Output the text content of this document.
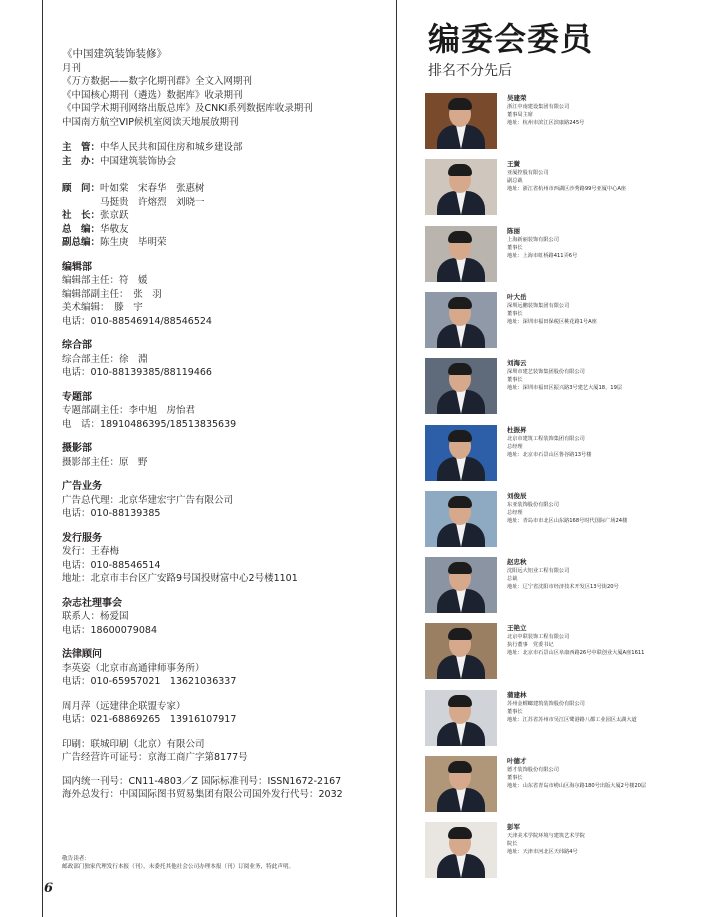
《中国建筑装饰装修》

月刊

《万方数据——数字化期刊群》全文入网期刊

《中国核心期刊（遴选）数据库》收录期刊

《中国学术期刊网络出版总库》及CNKI系列数据库收录期刊

中国南方航空VIP候机室阅读天地展放期刊

主　管： 中华人民共和国住房和城乡建设部
主　办： 中国建筑装饰协会
顾　问： 叶如棠　宋春华　张惠树
马挺贵　许熔烈　刘晓一
社　长： 张京跃
总　编： 华敬友
副总编： 陈生庚　毕明荣
编辑部

编辑部主任：符　媛

编辑部副主任：　张　羽

美术编辑：　滕　宇

电话：010-88546914/88546524

综合部

综合部主任：徐　淵

电话：010-88139385/88119466

专题部

专题部副主任：李中旭　房怡君

电　话：18910486395/18513835639

摄影部

摄影部主任：原　野

广告业务

广告总代理：北京华建宏宇广告有限公司

电话：010-88139385

发行服务

发行：王春梅

电话：010-88546514

地址：北京市丰台区广安路9号国投财富中心2号楼1101

杂志社理事会

联系人：杨爱国

电话：18600079084

法律顾问

李英姿（北京市高通律师事务所）

电话：010-65957021　13621036337

周月萍（远建律企联盟专家）

电话：021-68869265　13916107917

印刷：联城印刷（北京）有限公司

广告经营许可证号：京海工商广字第8177号

国内统一刊号：CN11-4803／Z 国际标准刊号：ISSN1672-2167

海外总发行：中国国际图书贸易集团有限公司国外发行代号：2032

敬告读者：

邮政部门独家代理发行本报（刊），未委托其他社会公司办理本报（刊）订阅业务，特此声明。

6
编委会委员
排名不分先后

吴建荣

浙江中南建设集团有限公司

董事局主席

地址：杭州市滨江区滨康路245号

王黉

亚厦控股有限公司

副总裁

地址：浙江省杭州市西湖区沙秀路99号亚厦中心A座

陈丽

上海新丽装饰有限公司

董事长

地址：上海市虹桥路411弄6号

叶大岳

深圳远鹏装饰集团有限公司

董事长

地址：深圳市福田保税区桃花路1号A座

刘海云

深圳市建艺装饰集团股份有限公司

董事长

地址：深圳市福田区振兴路3号建艺大厦18、19层

杜振昇

北京市建筑工程装饰集团有限公司

总经理

地址：北京市石景山区鲁谷路13号楼

刘俊辰

东亚装饰股份有限公司

总经理

地址：青岛市市北区山东路168号时代国际广场24楼

赵忠秋

沈阳远大铝业工程有限公司

总裁

地址：辽宁省沈阳市经济技术开发区13号街20号

王艳立

北京中联装饰工程有限公司

执行董事　党委书记

地址：北京市石景山区阜康西路26号中联创业大厦A座1611

蒲建林

苏州金螳螂建筑装饰股份有限公司

董事长

地址：江苏省苏州市吴江区鹭港路八都工业园区太湖大道

叶德才

德才装饰股份有限公司

董事长

地址：山东省青岛市崂山区海尔路180号出版大厦2号楼20层

彭军

天津美术学院环境与建筑艺术学院

院长

地址：天津市河北区天纬路4号
